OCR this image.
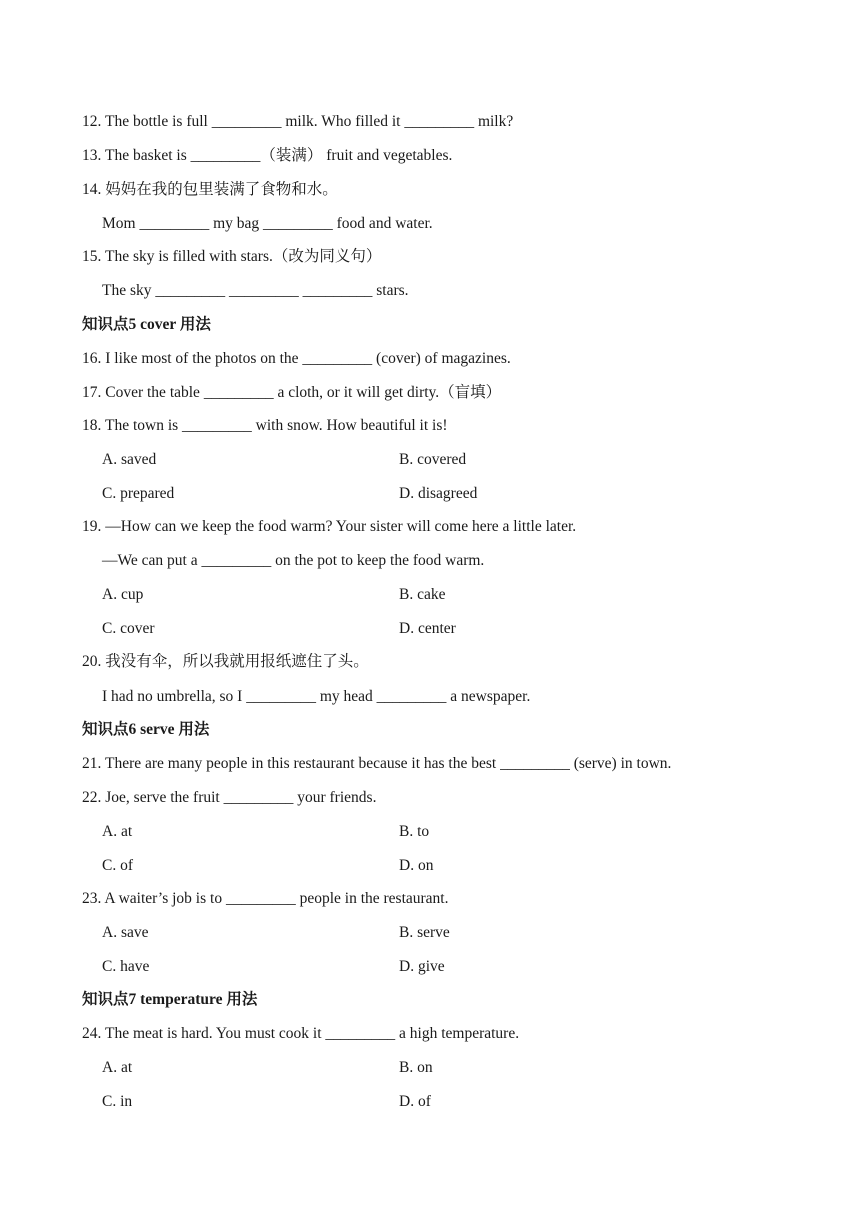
12. The bottle is full _________ milk. Who filled it _________ milk?
13. The basket is _________（装满） fruit and vegetables.
14. 妈妈在我的包里装满了食物和水。
Mom _________ my bag _________ food and water.
15. The sky is filled with stars.（改为同义句）
The sky _________ _________ _________ stars.
知识点5 cover 用法
16. I like most of the photos on the _________ (cover) of magazines.
17. Cover the table _________ a cloth, or it will get dirty.（盲填）
18. The town is _________ with snow. How beautiful it is!
A. saved	B. covered
C. prepared	D. disagreed
19. —How can we keep the food warm? Your sister will come here a little later.
—We can put a _________ on the pot to keep the food warm.
A. cup	B. cake
C. cover	D. center
20. 我没有伞，所以我就用报纸遮住了头。
I had no umbrella, so I _________ my head _________ a newspaper.
知识点6 serve 用法
21. There are many people in this restaurant because it has the best _________ (serve) in town.
22. Joe, serve the fruit _________ your friends.
A. at	B. to
C. of	D. on
23. A waiter’s job is to _________ people in the restaurant.
A. save	B. serve
C. have	D. give
知识点7 temperature 用法
24. The meat is hard. You must cook it _________ a high temperature.
A. at	B. on
C. in	D. of
